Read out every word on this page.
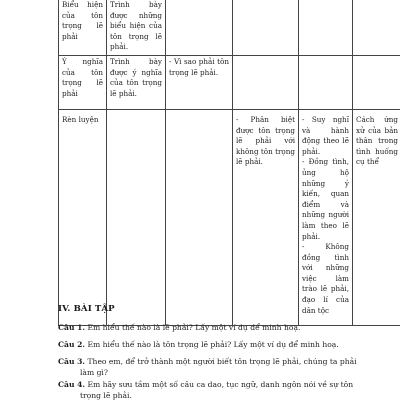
Biểu hiện của tôn trọng lẽ phải	Trình bày được những biểu hiện của tôn trọng lẽ phải.				

Ý nghĩa của tôn trọng lẽ phải	Trình bày được ý nghĩa của tôn trọng lẽ phải.	- Vì sao phải tôn trọng lẽ phải.			

Rèn luyện			- Phân biệt được tôn trọng lẽ phải với không tôn trọng lẽ phải.	- Suy nghĩ và hành động theo lẽ phải.
- Đồng tình, ủng hộ những ý kiến, quan điểm và những người làm theo lẽ phải.
- Không đồng tình với những việc làm trào lẽ phải, đạo lí của dân tộc	Cách ứng xử của bản thân trong tình huống cụ thể
IV. BÀI TẬP
Câu 1. Em hiểu thế nào là lẽ phải? Lấy một ví dụ để minh hoạ.
Câu 2. Em hiểu thế nào là tôn trọng lẽ phải? Lấy một ví dụ để minh hoạ.
Câu 3. Theo em, để trở thành một người biết tôn trọng lẽ phải, chúng ta phải
làm gì?
Câu 4. Em hãy sưu tầm một số câu ca dao, tục ngữ, danh ngôn nói về sự tôn
trọng lẽ phải.
